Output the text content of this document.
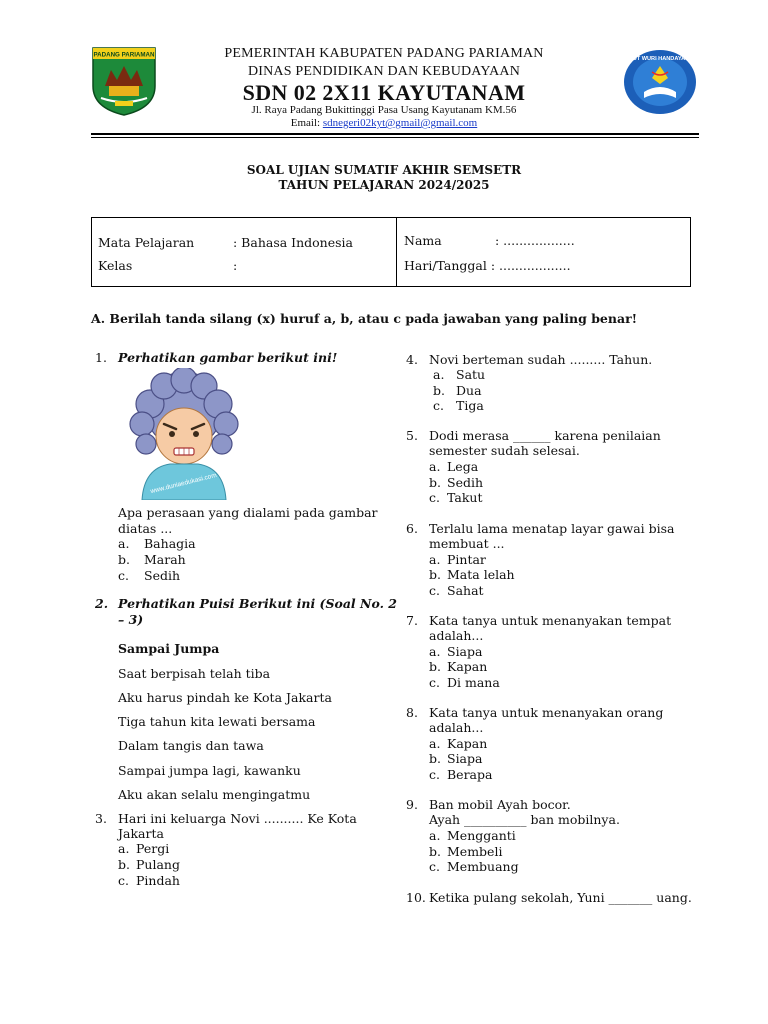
PADANG PARIAMAN
TUT WURI HANDAYANI
PEMERINTAH KABUPATEN PADANG PARIAMAN
DINAS PENDIDIKAN DAN KEBUDAYAAN
SDN 02 2X11 KAYUTANAM
Jl. Raya Padang Bukittinggi Pasa Usang Kayutanam KM.56
Email: sdnegeri02kyt@gmail@gmail.com
SOAL UJIAN SUMATIF AKHIR SEMSETR
TAHUN PELAJARAN 2024/2025
Mata Pelajaran	: Bahasa Indonesia
Kelas	:
Nama	: ..................
Hari/Tanggal : ..................
A. Berilah tanda silang (x) huruf a, b, atau c pada jawaban yang paling benar!
1. Perhatikan gambar berikut ini!
www.duniaedukasi.com
Apa perasaan yang dialami pada gambar
diatas ...
a. Bahagia
b. Marah
c. Sedih
2. Perhatikan Puisi Berikut ini (Soal No. 2
– 3)
Sampai Jumpa
Saat berpisah telah tiba
Aku harus pindah ke Kota Jakarta
Tiga tahun kita lewati bersama
Dalam tangis dan tawa
Sampai jumpa lagi, kawanku
Aku akan selalu mengingatmu
3. Hari ini keluarga Novi .......... Ke Kota
Jakarta
a. Pergi
b. Pulang
c. Pindah
4. Novi berteman sudah ......... Tahun.
a. Satu
b. Dua
c. Tiga
5. Dodi merasa ______ karena penilaian
semester sudah selesai.
a. Lega
b. Sedih
c. Takut
6. Terlalu lama menatap layar gawai bisa
membuat ...
a. Pintar
b. Mata lelah
c. Sahat
7. Kata tanya untuk menanyakan tempat
adalah...
a. Siapa
b. Kapan
c. Di mana
8. Kata tanya untuk menanyakan orang
adalah...
a. Kapan
b. Siapa
c. Berapa
9. Ban mobil Ayah bocor.
Ayah __________ ban mobilnya.
a. Mengganti
b. Membeli
c. Membuang
10. Ketika pulang sekolah, Yuni _______ uang.
